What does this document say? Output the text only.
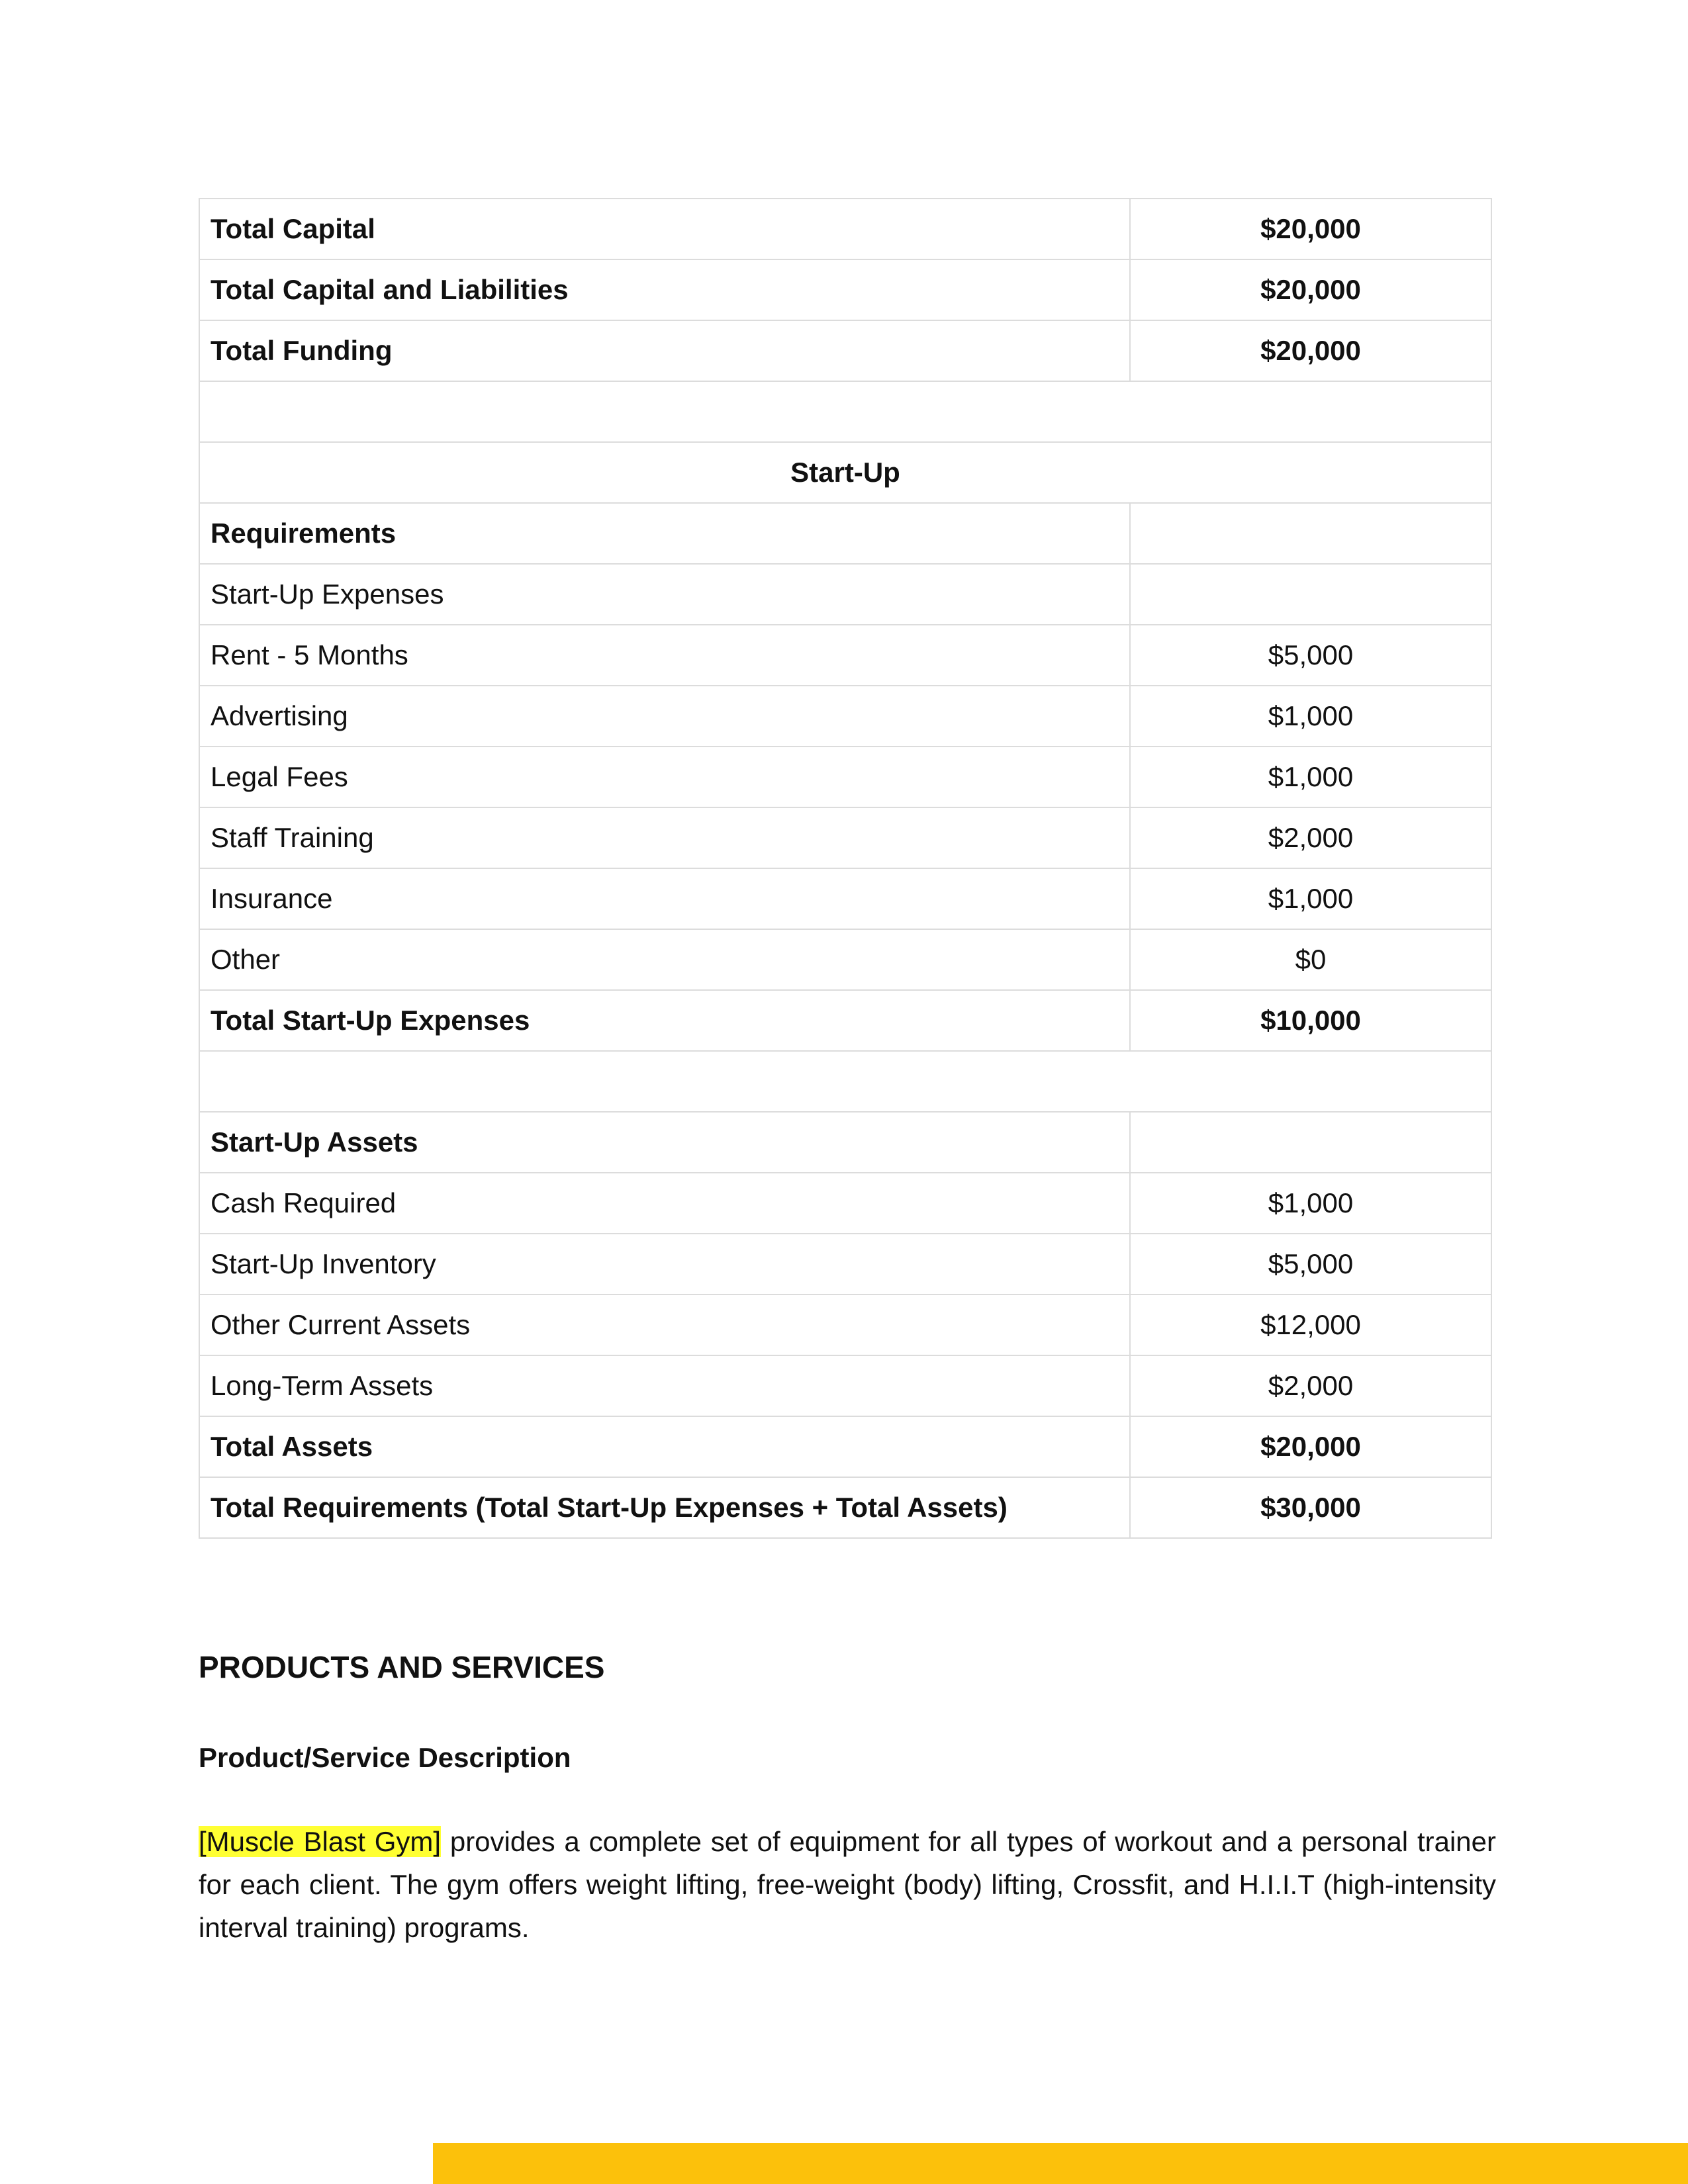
Total Capital	$20,000
Total Capital and Liabilities	$20,000
Total Funding	$20,000

Start-Up	
Requirements	
Start-Up Expenses	
Rent - 5 Months	$5,000
Advertising	$1,000
Legal Fees	$1,000
Staff Training	$2,000
Insurance	$1,000
Other	$0
Total Start-Up Expenses	$10,000

Start-Up Assets	
Cash Required	$1,000
Start-Up Inventory	$5,000
Other Current Assets	$12,000
Long-Term Assets	$2,000
Total Assets	$20,000
Total Requirements (Total Start-Up Expenses + Total Assets)	$30,000
PRODUCTS AND SERVICES
Product/Service Description

[Muscle Blast Gym] provides a complete set of equipment for all types of workout and a personal trainer for each client. The gym offers weight lifting, free-weight (body) lifting, Crossfit, and H.I.I.T (high-intensity interval training) programs.
